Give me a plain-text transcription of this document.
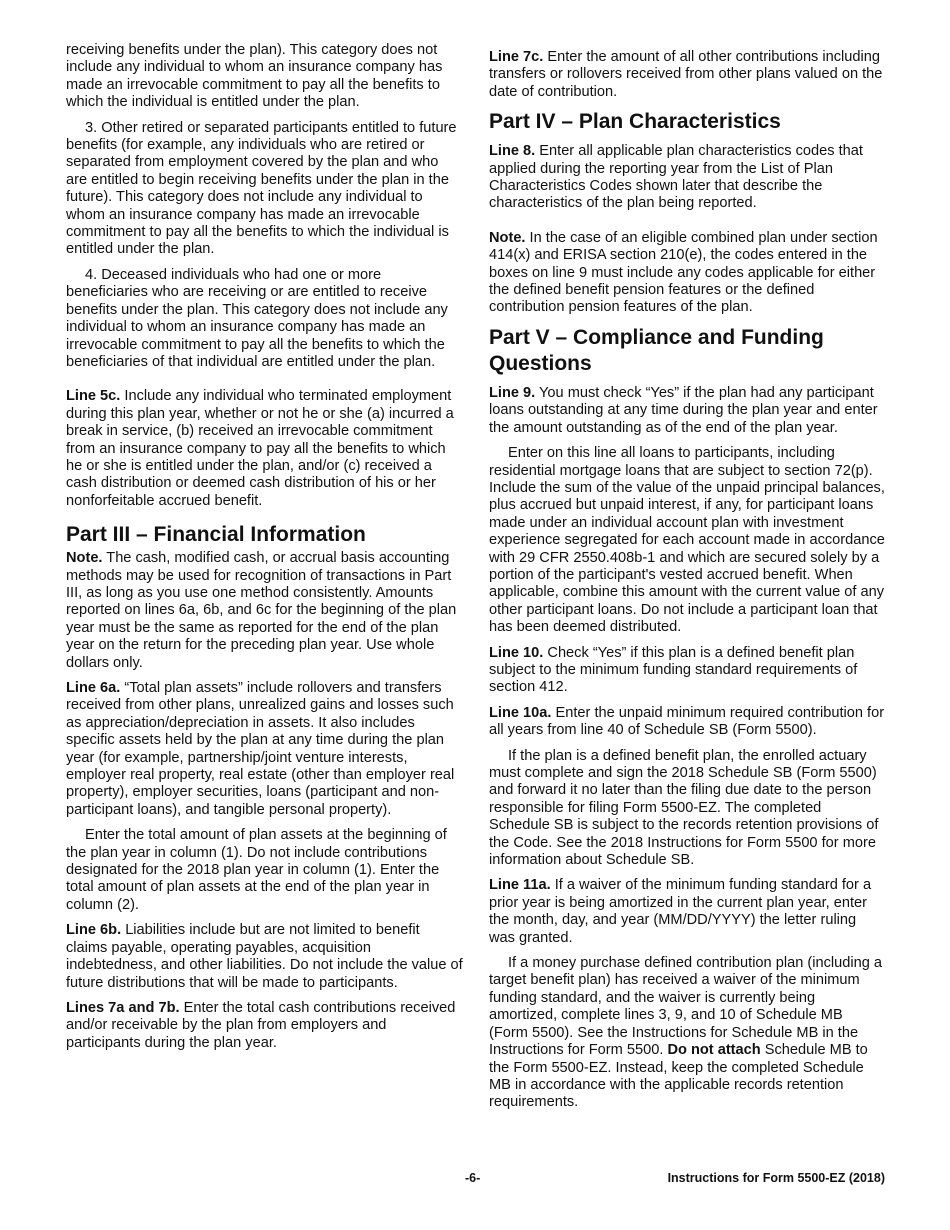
receiving benefits under the plan). This category does not include any individual to whom an insurance company has made an irrevocable commitment to pay all the benefits to which the individual is entitled under the plan.

3. Other retired or separated participants entitled to future benefits (for example, any individuals who are retired or separated from employment covered by the plan and who are entitled to begin receiving benefits under the plan in the future). This category does not include any individual to whom an insurance company has made an irrevocable commitment to pay all the benefits to which the individual is entitled under the plan.

4. Deceased individuals who had one or more beneficiaries who are receiving or are entitled to receive benefits under the plan. This category does not include any individual to whom an insurance company has made an irrevocable commitment to pay all the benefits to which the beneficiaries of that individual are entitled under the plan.

Line 5c. Include any individual who terminated employment during this plan year, whether or not he or she (a) incurred a break in service, (b) received an irrevocable commitment from an insurance company to pay all the benefits to which he or she is entitled under the plan, and/or (c) received a cash distribution or deemed cash distribution of his or her nonforfeitable accrued benefit.

Part III – Financial Information

Note. The cash, modified cash, or accrual basis accounting methods may be used for recognition of transactions in Part III, as long as you use one method consistently. Amounts reported on lines 6a, 6b, and 6c for the beginning of the plan year must be the same as reported for the end of the plan year on the return for the preceding plan year. Use whole dollars only.

Line 6a. “Total plan assets” include rollovers and transfers received from other plans, unrealized gains and losses such as appreciation/depreciation in assets. It also includes specific assets held by the plan at any time during the plan year (for example, partnership/joint venture interests, employer real property, real estate (other than employer real property), employer securities, loans (participant and non-participant loans), and tangible personal property).

Enter the total amount of plan assets at the beginning of the plan year in column (1). Do not include contributions designated for the 2018 plan year in column (1). Enter the total amount of plan assets at the end of the plan year in column (2).

Line 6b. Liabilities include but are not limited to benefit claims payable, operating payables, acquisition indebtedness, and other liabilities. Do not include the value of future distributions that will be made to participants.

Lines 7a and 7b. Enter the total cash contributions received and/or receivable by the plan from employers and participants during the plan year.

Line 7c. Enter the amount of all other contributions including transfers or rollovers received from other plans valued on the date of contribution.

Part IV – Plan Characteristics

Line 8. Enter all applicable plan characteristics codes that applied during the reporting year from the List of Plan Characteristics Codes shown later that describe the characteristics of the plan being reported.

Note. In the case of an eligible combined plan under section 414(x) and ERISA section 210(e), the codes entered in the boxes on line 9 must include any codes applicable for either the defined benefit pension features or the defined contribution pension features of the plan.

Part V – Compliance and Funding Questions

Line 9. You must check “Yes” if the plan had any participant loans outstanding at any time during the plan year and enter the amount outstanding as of the end of the plan year.

Enter on this line all loans to participants, including residential mortgage loans that are subject to section 72(p). Include the sum of the value of the unpaid principal balances, plus accrued but unpaid interest, if any, for participant loans made under an individual account plan with investment experience segregated for each account made in accordance with 29 CFR 2550.408b-1 and which are secured solely by a portion of the participant's vested accrued benefit. When applicable, combine this amount with the current value of any other participant loans. Do not include a participant loan that has been deemed distributed.

Line 10. Check “Yes” if this plan is a defined benefit plan subject to the minimum funding standard requirements of section 412.

Line 10a. Enter the unpaid minimum required contribution for all years from line 40 of Schedule SB (Form 5500).

If the plan is a defined benefit plan, the enrolled actuary must complete and sign the 2018 Schedule SB (Form 5500) and forward it no later than the filing due date to the person responsible for filing Form 5500-EZ. The completed Schedule SB is subject to the records retention provisions of the Code. See the 2018 Instructions for Form 5500 for more information about Schedule SB.

Line 11a. If a waiver of the minimum funding standard for a prior year is being amortized in the current plan year, enter the month, day, and year (MM/DD/YYYY) the letter ruling was granted.

If a money purchase defined contribution plan (including a target benefit plan) has received a waiver of the minimum funding standard, and the waiver is currently being amortized, complete lines 3, 9, and 10 of Schedule MB (Form 5500). See the Instructions for Schedule MB in the Instructions for Form 5500. Do not attach Schedule MB to the Form 5500-EZ. Instead, keep the completed Schedule MB in accordance with the applicable records retention requirements.

-6-	Instructions for Form 5500-EZ (2018)
